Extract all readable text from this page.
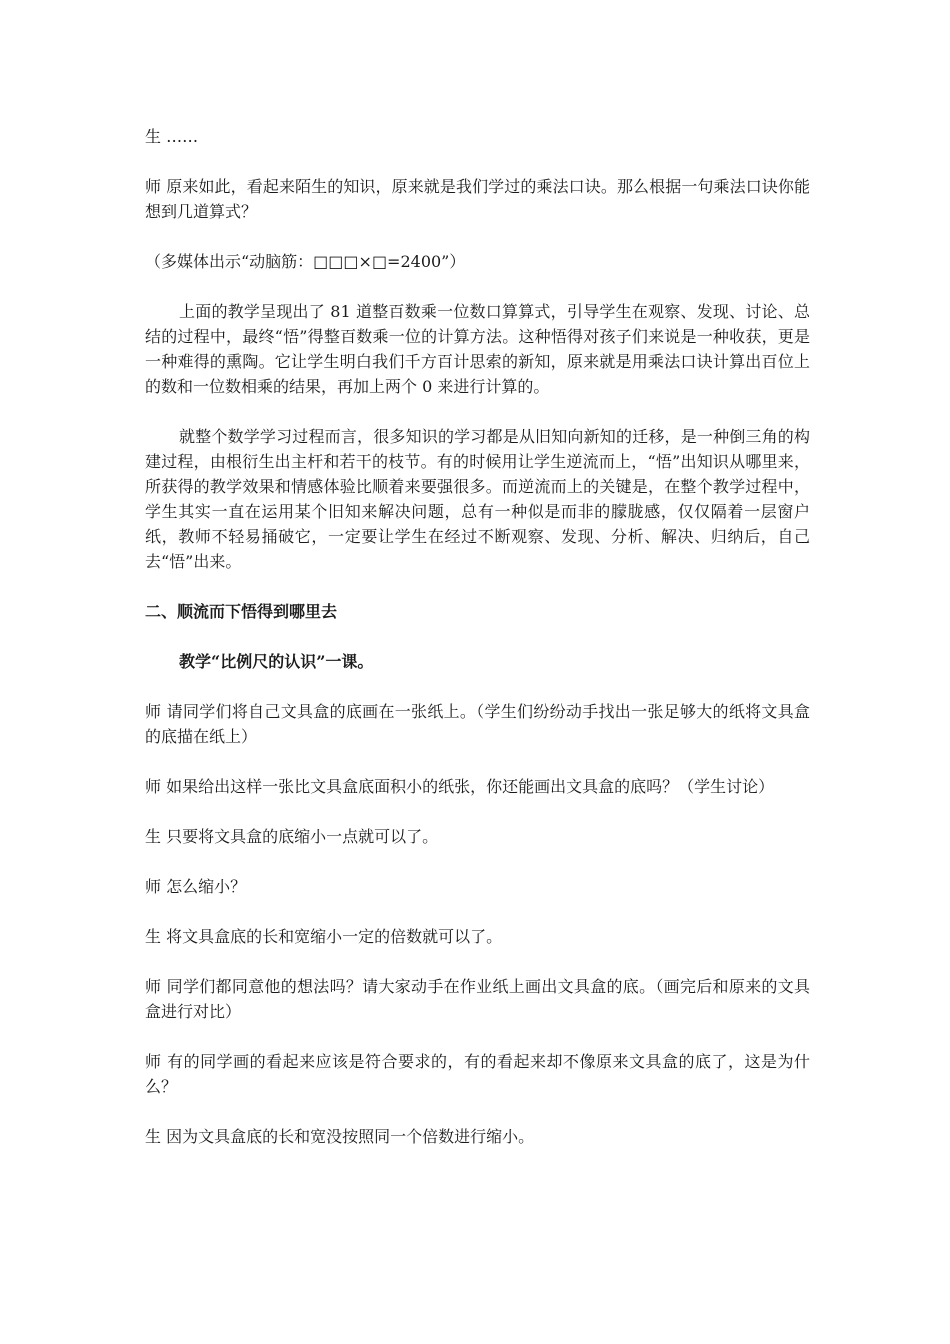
生 ……

师 原来如此，看起来陌生的知识，原来就是我们学过的乘法口诀。那么根据一句乘法口诀你能想到几道算式？

（多媒体出示“动脑筋：□□□×□=2400”）

上面的教学呈现出了 81 道整百数乘一位数口算算式，引导学生在观察、发现、讨论、总结的过程中，最终“悟”得整百数乘一位的计算方法。这种悟得对孩子们来说是一种收获，更是一种难得的熏陶。它让学生明白我们千方百计思索的新知，原来就是用乘法口诀计算出百位上的数和一位数相乘的结果，再加上两个 0 来进行计算的。

就整个数学学习过程而言，很多知识的学习都是从旧知向新知的迁移，是一种倒三角的构建过程，由根衍生出主杆和若干的枝节。有的时候用让学生逆流而上，“悟”出知识从哪里来，所获得的教学效果和情感体验比顺着来要强很多。而逆流而上的关键是，在整个教学过程中，学生其实一直在运用某个旧知来解决问题，总有一种似是而非的朦胧感，仅仅隔着一层窗户纸，教师不轻易捅破它，一定要让学生在经过不断观察、发现、分析、解决、归纳后，自己去“悟”出来。

二、顺流而下悟得到哪里去

教学“比例尺的认识”一课。

师 请同学们将自己文具盒的底画在一张纸上。（学生们纷纷动手找出一张足够大的纸将文具盒的底描在纸上）

师 如果给出这样一张比文具盒底面积小的纸张，你还能画出文具盒的底吗？（学生讨论）

生 只要将文具盒的底缩小一点就可以了。

师 怎么缩小？

生 将文具盒底的长和宽缩小一定的倍数就可以了。

师 同学们都同意他的想法吗？请大家动手在作业纸上画出文具盒的底。（画完后和原来的文具盒进行对比）

师 有的同学画的看起来应该是符合要求的，有的看起来却不像原来文具盒的底了，这是为什么？

生 因为文具盒底的长和宽没按照同一个倍数进行缩小。
